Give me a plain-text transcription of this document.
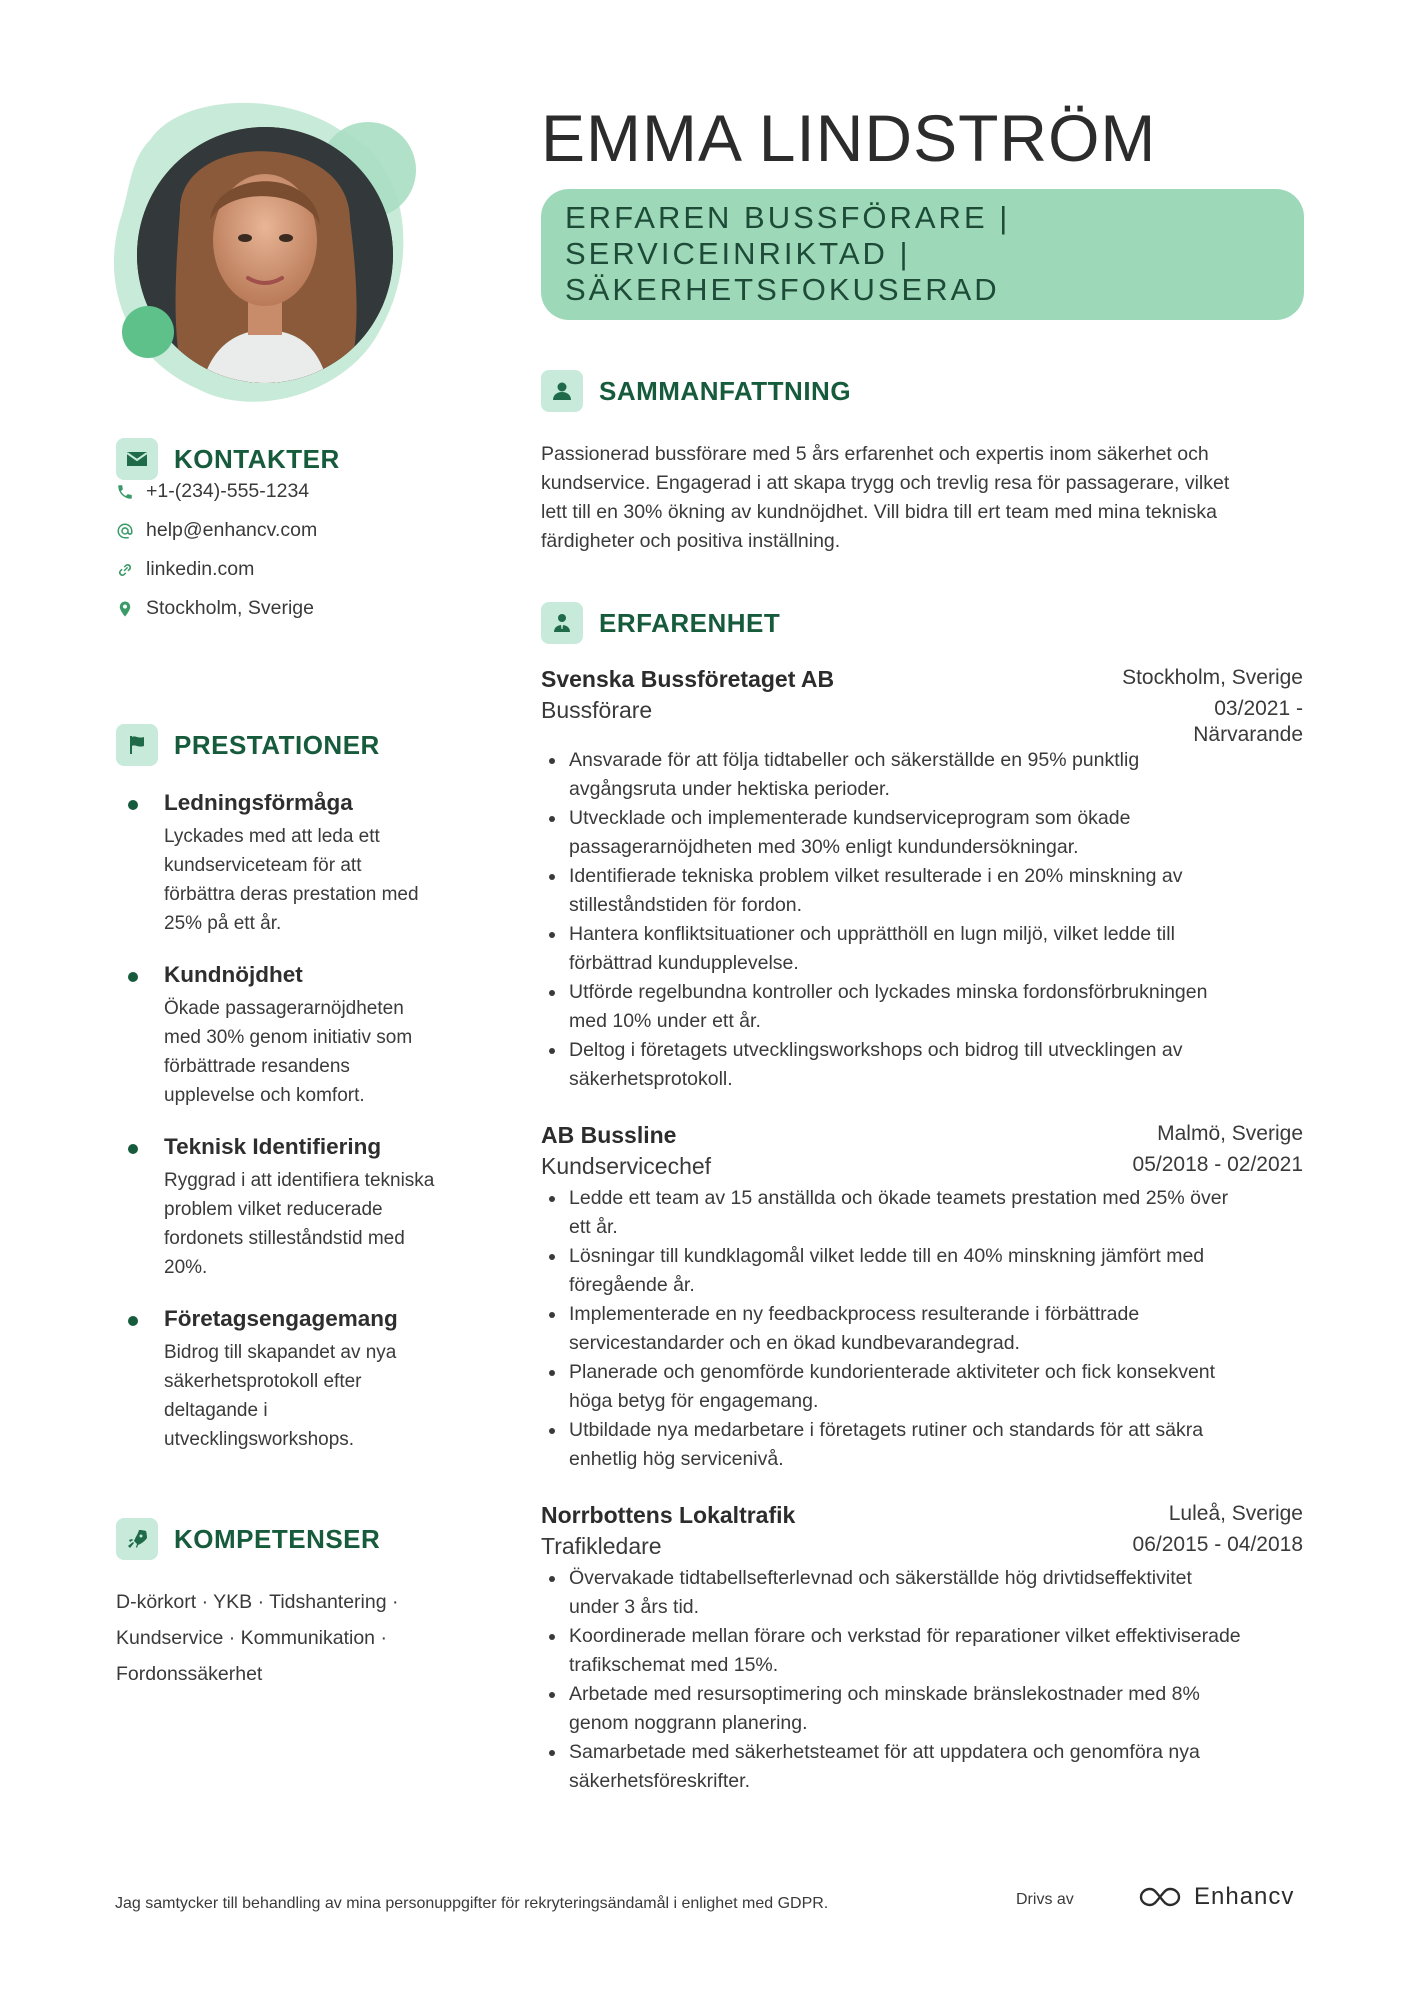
KONTAKTER
+1-(234)-555-1234
help@enhancv.com
linkedin.com
Stockholm, Sverige
PRESTATIONER
Ledningsförmåga
Lyckades med att leda ett
kundserviceteam för att
förbättra deras prestation med
25% på ett år.
Kundnöjdhet
Ökade passagerarnöjdheten
med 30% genom initiativ som
förbättrade resandens
upplevelse och komfort.
Teknisk Identifiering
Ryggrad i att identifiera tekniska
problem vilket reducerade
fordonets stilleståndstid med
20%.
Företagsengagemang
Bidrog till skapandet av nya
säkerhetsprotokoll efter
deltagande i
utvecklingsworkshops.
KOMPETENSER
D-körkort · YKB · Tidshantering ·
Kundservice · Kommunikation ·
Fordonssäkerhet
EMMA LINDSTRÖM
ERFAREN BUSSFÖRARE |
SERVICEINRIKTAD |
SÄKERHETSFOKUSERAD
SAMMANFATTNING
Passionerad bussförare med 5 års erfarenhet och expertis inom säkerhet och
kundservice. Engagerad i att skapa trygg och trevlig resa för passagerare, vilket
lett till en 30% ökning av kundnöjdhet. Vill bidra till ert team med mina tekniska
färdigheter och positiva inställning.
ERFARENHET
Svenska Bussföretaget AB
Bussförare
Stockholm, Sverige
03/2021 -
Närvarande
Ansvarade för att följa tidtabeller och säkerställde en 95% punktlig
avgångsruta under hektiska perioder.
Utvecklade och implementerade kundserviceprogram som ökade
passagerarnöjdheten med 30% enligt kundundersökningar.
Identifierade tekniska problem vilket resulterade i en 20% minskning av
stilleståndstiden för fordon.
Hantera konfliktsituationer och upprätthöll en lugn miljö, vilket ledde till
förbättrad kundupplevelse.
Utförde regelbundna kontroller och lyckades minska fordonsförbrukningen
med 10% under ett år.
Deltog i företagets utvecklingsworkshops och bidrog till utvecklingen av
säkerhetsprotokoll.
AB Bussline
Kundservicechef
Malmö, Sverige
05/2018 - 02/2021
Ledde ett team av 15 anställda och ökade teamets prestation med 25% över
ett år.
Lösningar till kundklagomål vilket ledde till en 40% minskning jämfört med
föregående år.
Implementerade en ny feedbackprocess resulterande i förbättrade
servicestandarder och en ökad kundbevarandegrad.
Planerade och genomförde kundorienterade aktiviteter och fick konsekvent
höga betyg för engagemang.
Utbildade nya medarbetare i företagets rutiner och standards för att säkra
enhetlig hög servicenivå.
Norrbottens Lokaltrafik
Trafikledare
Luleå, Sverige
06/2015 - 04/2018
Övervakade tidtabellsefterlevnad och säkerställde hög drivtidseffektivitet
under 3 års tid.
Koordinerade mellan förare och verkstad för reparationer vilket effektiviserade
trafikschemat med 15%.
Arbetade med resursoptimering och minskade bränslekostnader med 8%
genom noggrann planering.
Samarbetade med säkerhetsteamet för att uppdatera och genomföra nya
säkerhetsföreskrifter.
Jag samtycker till behandling av mina personuppgifter för rekryteringsändamål i enlighet med GDPR.	Drivs av	Enhancv
